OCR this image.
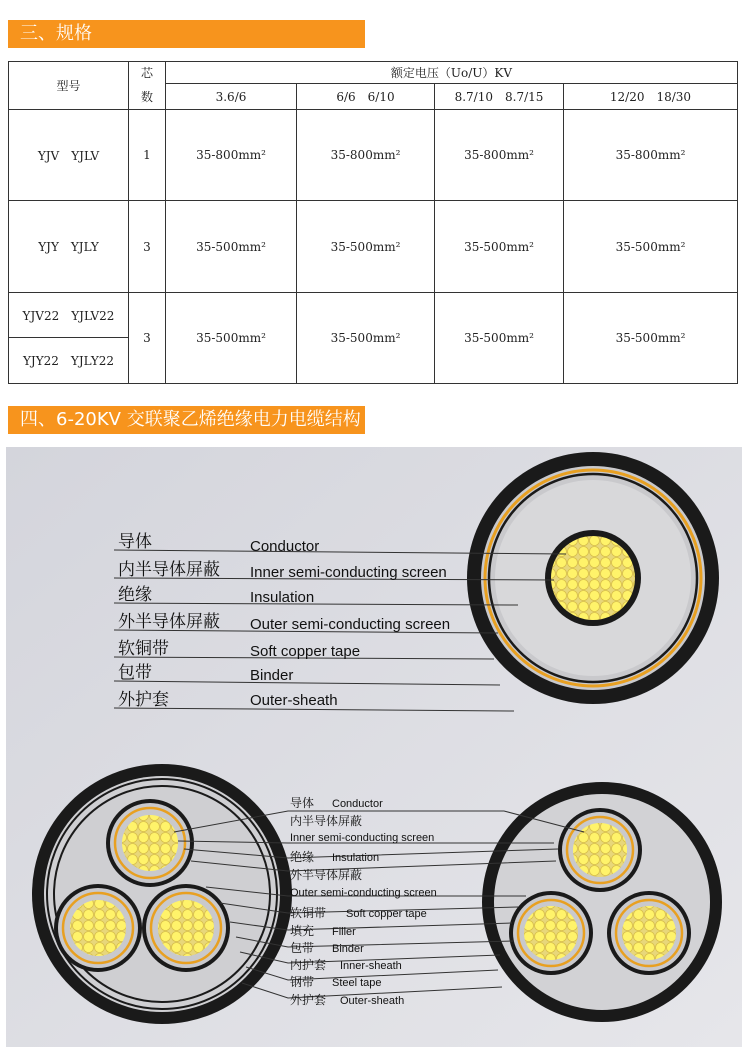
三、规格
型号	芯	额定电压（Uo/U）KV			
	数	3.6/6	6/6　6/10	8.7/10　8.7/15	12/20　18/30
YJV　YJLV	1	35-800mm²	35-800mm²	35-800mm²	35-800mm²
YJY　YJLY	3	35-500mm²	35-500mm²	35-500mm²	35-500mm²
YJV22　YJLV22	3	35-500mm²	35-500mm²	35-500mm²	35-500mm²
YJY22　YJLY22					
四、6-20KV 交联聚乙烯绝缘电力电缆结构
导体	Conductor
内半导体屏蔽 Inner semi-conducting screen
绝缘	Insulation
外半导体屏蔽 Outer semi-conducting screen
软铜带	Soft copper tape
包带	Binder
外护套	Outer-sheath
导体 Conductor
内半导体屏蔽
Inner semi-conducting screen
绝缘 Insulation
外半导体屏蔽
Outer semi-conducting screen
软铜带 Soft copper tape
填充 Filler
包带 Binder
内护套 Inner-sheath
钢带 Steel tape
外护套 Outer-sheath
